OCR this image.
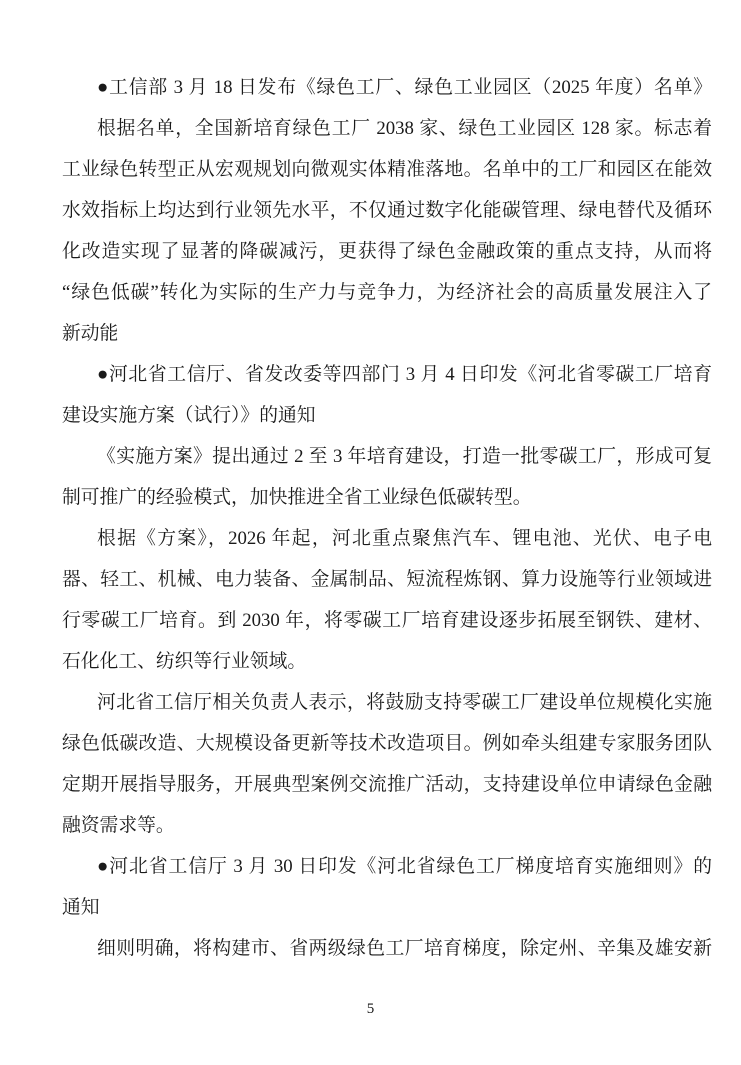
●工信部 3 月 18 日发布《绿色工厂、绿色工业园区（2025 年度）名单》
根据名单，全国新培育绿色工厂 2038 家、绿色工业园区 128 家。标志着
工业绿色转型正从宏观规划向微观实体精准落地。名单中的工厂和园区在能效
水效指标上均达到行业领先水平，不仅通过数字化能碳管理、绿电替代及循环
化改造实现了显著的降碳减污，更获得了绿色金融政策的重点支持，从而将
“绿色低碳”转化为实际的生产力与竞争力，为经济社会的高质量发展注入了
新动能
●河北省工信厅、省发改委等四部门 3 月 4 日印发《河北省零碳工厂培育
建设实施方案（试行）》的通知
《实施方案》提出通过 2 至 3 年培育建设，打造一批零碳工厂，形成可复
制可推广的经验模式，加快推进全省工业绿色低碳转型。
根据《方案》，2026 年起，河北重点聚焦汽车、锂电池、光伏、电子电
器、轻工、机械、电力装备、金属制品、短流程炼钢、算力设施等行业领域进
行零碳工厂培育。到 2030 年，将零碳工厂培育建设逐步拓展至钢铁、建材、
石化化工、纺织等行业领域。
河北省工信厅相关负责人表示，将鼓励支持零碳工厂建设单位规模化实施
绿色低碳改造、大规模设备更新等技术改造项目。例如牵头组建专家服务团队
定期开展指导服务，开展典型案例交流推广活动，支持建设单位申请绿色金融
融资需求等。
●河北省工信厅 3 月 30 日印发《河北省绿色工厂梯度培育实施细则》的
通知
细则明确，将构建市、省两级绿色工厂培育梯度，除定州、辛集及雄安新
5
